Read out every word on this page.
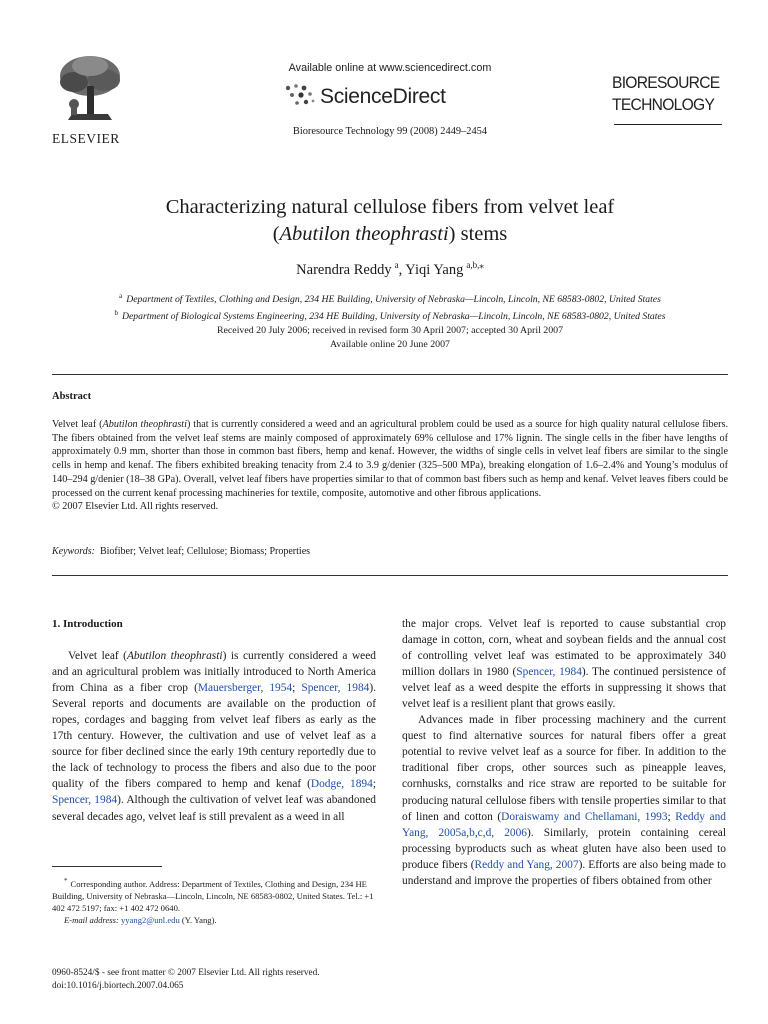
ELSEVIER
Available online at www.sciencedirect.com
ScienceDirect
Bioresource Technology 99 (2008) 2449–2454
BIORESOURCE
TECHNOLOGY
Characterizing natural cellulose fibers from velvet leaf
(Abutilon theophrasti) stems
Narendra Reddy $^a$, Yiqi Yang $^{a,b,⁎}$
$^a$ Department of Textiles, Clothing and Design, 234 HE Building, University of Nebraska—Lincoln, Lincoln, NE 68583-0802, United States
$^b$ Department of Biological Systems Engineering, 234 HE Building, University of Nebraska—Lincoln, Lincoln, NE 68583-0802, United States
Received 20 July 2006; received in revised form 30 April 2007; accepted 30 April 2007
Available online 20 June 2007
Abstract

Velvet leaf (Abutilon theophrasti) that is currently considered a weed and an agricultural problem could be used as a source for high quality natural cellulose fibers. The fibers obtained from the velvet leaf stems are mainly composed of approximately 69% cellulose and 17% lignin. The single cells in the fiber have lengths of approximately 0.9 mm, shorter than those in common bast fibers, hemp and kenaf. However, the widths of single cells in velvet leaf fibers are similar to the single cells in hemp and kenaf. The fibers exhibited breaking tenacity from 2.4 to 3.9 g/denier (325–500 MPa), breaking elongation of 1.6–2.4% and Young’s modulus of 140–294 g/denier (18–38 GPa). Overall, velvet leaf fibers have properties similar to that of common bast fibers such as hemp and kenaf. Velvet leaves fibers could be processed on the current kenaf processing machineries for textile, composite, automotive and other fibrous applications.

© 2007 Elsevier Ltd. All rights reserved.

Keywords: Biofiber; Velvet leaf; Cellulose; Biomass; Properties

1. Introduction

Velvet leaf (Abutilon theophrasti) is currently considered a weed and an agricultural problem was initially introduced to North America from China as a fiber crop (Mauersberger, 1954; Spencer, 1984). Several reports and documents are available on the production of ropes, cordages and bagging from velvet leaf fibers as early as the 17th century. However, the cultivation and use of velvet leaf as a source for fiber declined since the early 19th century reportedly due to the lack of technology to process the fibers and also due to the poor quality of the fibers compared to hemp and kenaf (Dodge, 1894; Spencer, 1984). Although the cultivation of velvet leaf was abandoned several decades ago, velvet leaf is still prevalent as a weed in all

* Corresponding author. Address: Department of Textiles, Clothing and Design, 234 HE Building, University of Nebraska—Lincoln, Lincoln, NE 68583-0802, United States. Tel.: +1 402 472 5197; fax: +1 402 472 0640.
E-mail address: yyang2@unl.edu (Y. Yang).
0960-8524/$ - see front matter © 2007 Elsevier Ltd. All rights reserved.
doi:10.1016/j.biortech.2007.04.065

the major crops. Velvet leaf is reported to cause substantial crop damage in cotton, corn, wheat and soybean fields and the annual cost of controlling velvet leaf was estimated to be approximately 340 million dollars in 1980 (Spencer, 1984). The continued persistence of velvet leaf as a weed despite the efforts in suppressing it shows that velvet leaf is a resilient plant that grows easily.

Advances made in fiber processing machinery and the current quest to find alternative sources for natural fibers offer a great potential to revive velvet leaf as a source for fiber. In addition to the traditional fiber crops, other sources such as pineapple leaves, cornhusks, cornstalks and rice straw are reported to be suitable for producing natural cellulose fibers with tensile properties similar to that of linen and cotton (Doraiswamy and Chellamani, 1993; Reddy and Yang, 2005a,b,c,d, 2006). Similarly, protein containing cereal processing byproducts such as wheat gluten have also been used to produce fibers (Reddy and Yang, 2007). Efforts are also being made to understand and improve the properties of fibers obtained from other
